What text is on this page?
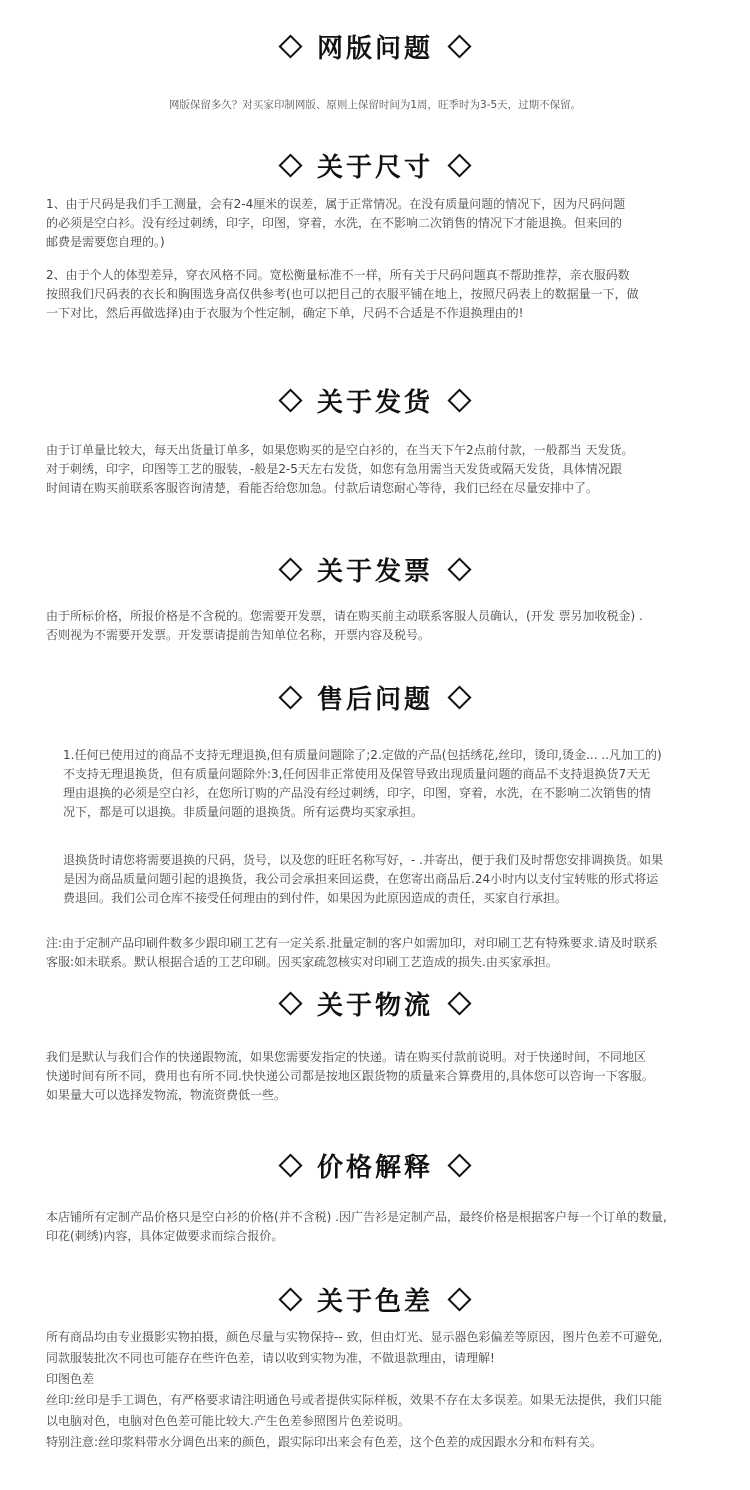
网版问题

网版保留多久？对买家印制网版、原则上保留时间为1周，旺季时为3-5天，过期不保留。

关于尺寸

1、由于尺码是我们手工测量，会有2-4厘米的误差，属于正常情况。在没有质量问题的情况下，因为尺码问题
的必须是空白衫。没有经过刺绣，印字，印图，穿着，水洗，在不影响二次销售的情况下才能退换。但来回的
邮费是需要您自理的。)

2、由于个人的体型差异，穿衣风格不同。宽松衡量标准不一样，所有关于尺码问题真不帮助推荐，亲衣服码数
按照我们尺码表的衣长和胸围选身高仅供参考(也可以把目己的衣服平铺在地上，按照尺码表上的数据量一下，做
一下对比，然后再做选择)由于衣服为个性定制，确定下单，尺码不合适是不作退换理由的!

关于发货

由于订单量比较大，每天出货量订单多，如果您购买的是空白衫的，在当天下午2点前付款，一般都当 天发货。
对于刺绣，印字，印图等工艺的服装，-般是2-5天左右发货，如您有急用需当天发货或隔天发货，具体情况跟
时间请在购买前联系客服咨询清楚，看能否给您加急。付款后请您耐心等待，我们已经在尽量安排中了。

关于发票

由于所标价格，所报价格是不含税的。您需要开发票，请在购买前主动联系客服人员确认，(开发 票另加收税金) .
否则视为不需要开发票。开发票请提前告知单位名称，开票内容及税号。

售后问题

1.任何已使用过的商品不支持无理退换,但有质量问题除了;2.定做的产品(包括绣花,丝印，烫印,烫金... ..凡加工的)
不支持无理退换货，但有质量问题除外:3,任何因非正常使用及保管导致出现质量问题的商品不支持退换货7天无
理由退换的必须是空白衫，在您所订购的产品没有经过刺绣，印字，印图，穿着，水洗，在不影响二次销售的情
况下，都是可以退换。非质量问题的退换货。所有运费均买家承担。

退换货时请您将需要退换的尺码，货号，以及您的旺旺名称写好，- .并寄出，便于我们及时帮您安排调换货。如果
是因为商品质量问题引起的退换货，我公司会承担来回运费，在您寄出商品后.24小时内以支付宝转账的形式将运
费退回。我们公司仓库不接受任何理由的到付件，如果因为此原因造成的责任，买家自行承担。

注:由于定制产品印刷件数多少跟印刷工艺有一定关系.批量定制的客户如需加印，对印刷工艺有特殊要求.请及时联系
客服:如未联系。默认根据合适的工艺印刷。因买家疏忽核实对印刷工艺造成的损失.由买家承担。

关于物流

我们是默认与我们合作的快递跟物流，如果您需要发指定的快递。请在购买付款前说明。对于快递时间，不同地区
快递时间有所不同，费用也有所不同.快快递公司都是按地区跟货物的质量来合算费用的,具体您可以咨询一下客服。
如果量大可以选择发物流，物流资费低一些。

价格解释

本店铺所有定制产品价格只是空白衫的价格(并不含税) .因广告衫是定制产品，最终价格是根据客户每一个订单的数量,
印花(刺绣)内容，具体定做要求而综合报价。

关于色差

所有商品均由专业摄影实物拍摄，颜色尽量与实物保持-- 致，但由灯光、显示器色彩偏差等原因，图片色差不可避免,
同款服装批次不同也可能存在些许色差，请以收到实物为准，不做退款理由，请理解!
印图色差
丝印:丝印是手工调色，有严格要求请注明通色号或者提供实际样板，效果不存在太多误差。如果无法提供，我们只能
以电脑对色，电脑对色色差可能比较大.产生色差参照图片色差说明。
特别注意:丝印浆料带水分调色出来的颜色，跟实际印出来会有色差，这个色差的成因跟水分和布料有关。
